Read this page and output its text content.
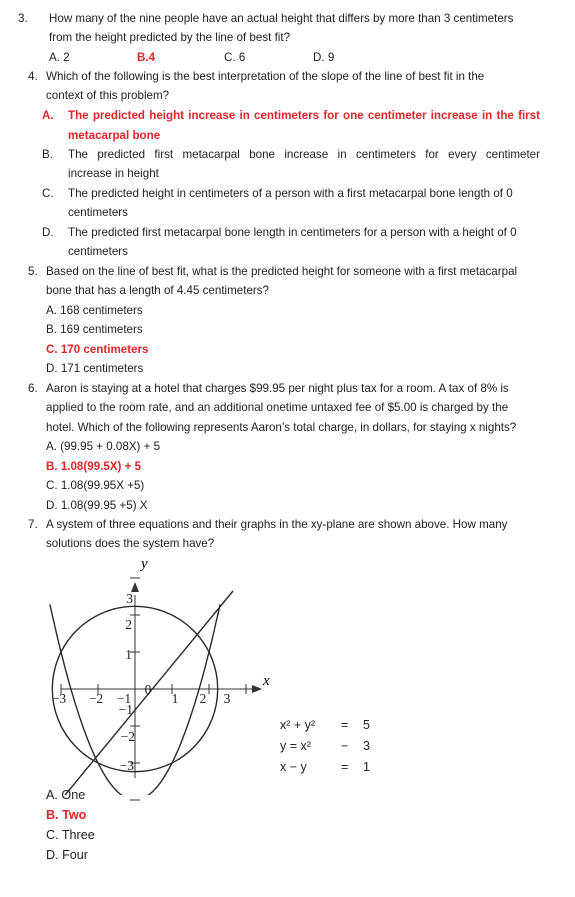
3. How many of the nine people have an actual height that differs by more than 3 centimeters
from the height predicted by the line of best fit?
A. 2	B.4	C. 6	D. 9
4. Which of the following is the best interpretation of the slope of the line of best fit in the
context of this problem?
A. The predicted height increase in centimeters for one centimeter increase in the first
metacarpal bone
B. The predicted first metacarpal bone increase in centimeters for every centimeter
increase in height
C. The predicted height in centimeters of a person with a first metacarpal bone length of 0
centimeters
D. The predicted first metacarpal bone length in centimeters for a person with a height of 0
centimeters
5. Based on the line of best fit, what is the predicted height for someone with a first metacarpal
bone that has a length of 4.45 centimeters?
A. 168 centimeters
B. 169 centimeters
C. 170 centimeters
D. 171 centimeters
6. Aaron is staying at a hotel that charges $99.95 per night plus tax for a room. A tax of 8% is
applied to the room rate, and an additional onetime untaxed fee of $5.00 is charged by the
hotel. Which of the following represents Aaron’s total charge, in dollars, for staying x nights?
A. (99.95 + 0.08X) + 5
B. 1.08(99.5X) + 5
C. 1.08(99.95X +5)
D. 1.08(99.95 +5) X
7. A system of three equations and their graphs in the xy-plane are shown above. How many
solutions does the system have?
y
x
−3 −2 −1
0
1 2 3
3
2
1
−1
−2
−3
x² + y² = 5
y = x² − 3
x − y	= 1
A. One
B. Two
C. Three
D. Four
